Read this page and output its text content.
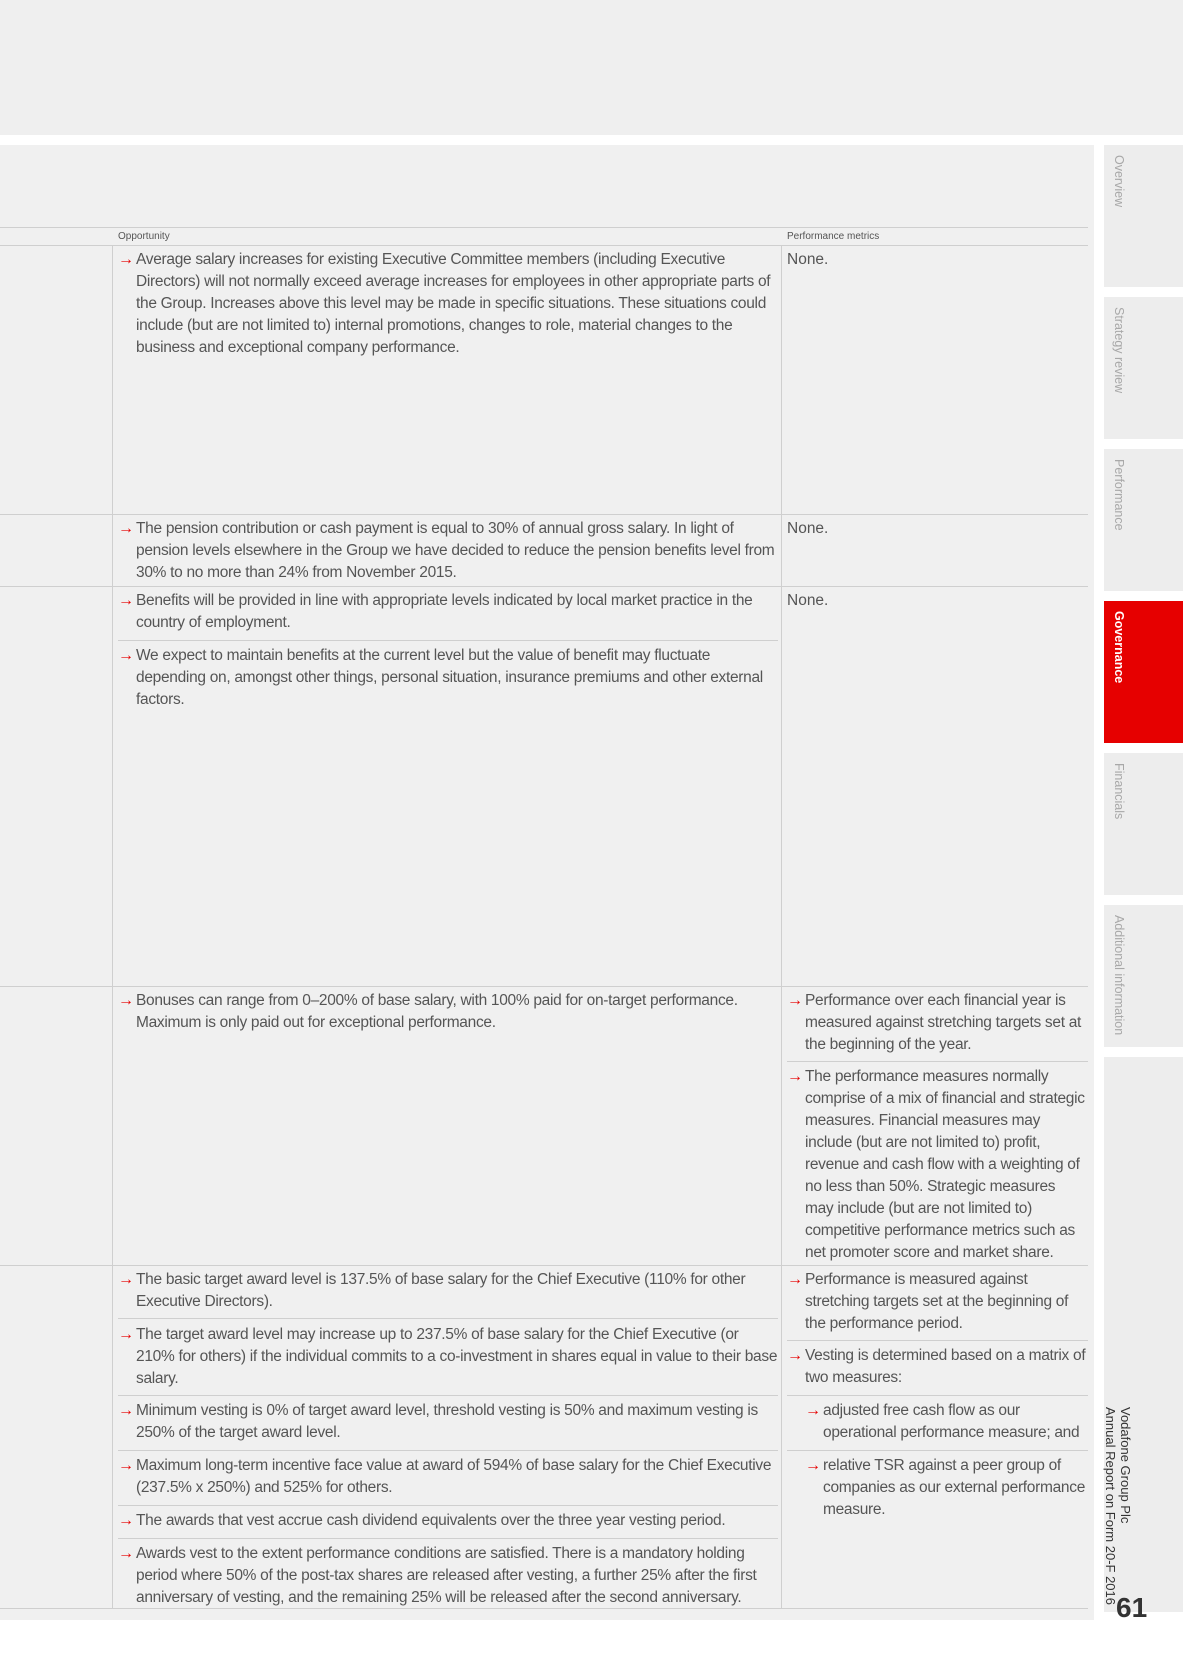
Opportunity	Performance metrics
→ Average salary increases for existing Executive Committee members (including Executive Directors) will not normally exceed average increases for employees in other appropriate parts of the Group. Increases above this level may be made in specific situations. These situations could include (but are not limited to) internal promotions, changes to role, material changes to the business and exceptional company performance.
None.
→ The pension contribution or cash payment is equal to 30% of annual gross salary. In light of pension levels elsewhere in the Group we have decided to reduce the pension benefits level from 30% to no more than 24% from November 2015.
None.
→ Benefits will be provided in line with appropriate levels indicated by local market practice in the country of employment.
→ We expect to maintain benefits at the current level but the value of benefit may fluctuate depending on, amongst other things, personal situation, insurance premiums and other external factors.
None.
→ Bonuses can range from 0–200% of base salary, with 100% paid for on-target performance. Maximum is only paid out for exceptional performance.
→ Performance over each financial year is measured against stretching targets set at the beginning of the year.
→ The performance measures normally comprise of a mix of financial and strategic measures. Financial measures may include (but are not limited to) profit, revenue and cash flow with a weighting of no less than 50%. Strategic measures may include (but are not limited to) competitive performance metrics such as net promoter score and market share.
→ The basic target award level is 137.5% of base salary for the Chief Executive (110% for other Executive Directors).
→ The target award level may increase up to 237.5% of base salary for the Chief Executive (or 210% for others) if the individual commits to a co-investment in shares equal in value to their base salary.
→ Minimum vesting is 0% of target award level, threshold vesting is 50% and maximum vesting is 250% of the target award level.
→ Maximum long-term incentive face value at award of 594% of base salary for the Chief Executive (237.5% x 250%) and 525% for others.
→ The awards that vest accrue cash dividend equivalents over the three year vesting period.
→ Awards vest to the extent performance conditions are satisfied. There is a mandatory holding period where 50% of the post-tax shares are released after vesting, a further 25% after the first anniversary of vesting, and the remaining 25% will be released after the second anniversary.
→ Performance is measured against stretching targets set at the beginning of the performance period.
→ Vesting is determined based on a matrix of two measures:
→ adjusted free cash flow as our operational performance measure; and
→ relative TSR against a peer group of companies as our external performance measure.
Overview
Strategy review
Performance
Governance
Financials
Additional information
Vodafone Group Plc
Annual Report on Form 20-F 2016
61
